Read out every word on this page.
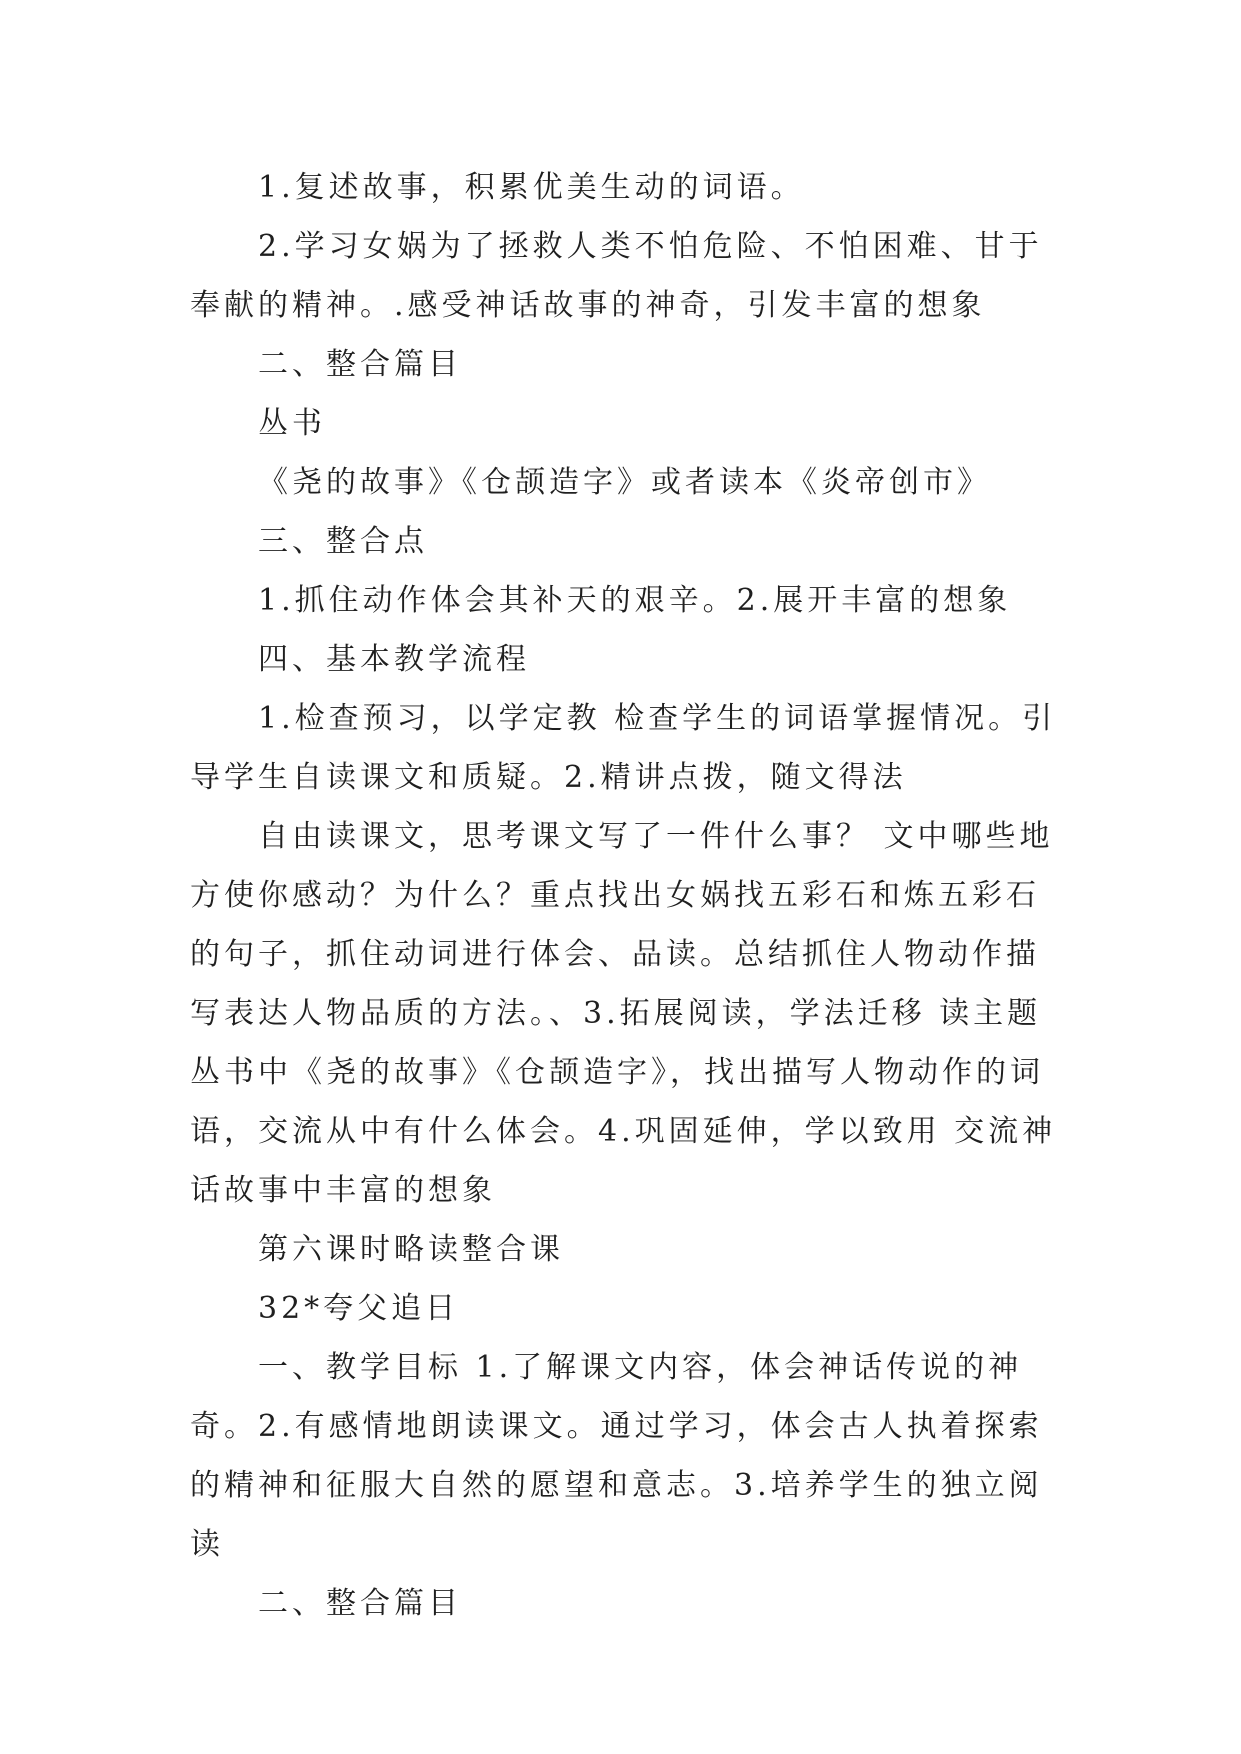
1.复述故事，积累优美生动的词语。

2.学习女娲为了拯救人类不怕危险、不怕困难、甘于奉献的精神。.感受神话故事的神奇，引发丰富的想象

二、整合篇目

丛书

《尧的故事》《仓颉造字》或者读本《炎帝创市》

三、整合点

1.抓住动作体会其补天的艰辛。2.展开丰富的想象

四、基本教学流程

1.检查预习，以学定教 检查学生的词语掌握情况。引导学生自读课文和质疑。2.精讲点拨，随文得法

自由读课文，思考课文写了一件什么事？ 文中哪些地方使你感动？为什么？重点找出女娲找五彩石和炼五彩石的句子，抓住动词进行体会、品读。总结抓住人物动作描写表达人物品质的方法。、3.拓展阅读，学法迁移 读主题丛书中《尧的故事》《仓颉造字》，找出描写人物动作的词语，交流从中有什么体会。4.巩固延伸，学以致用 交流神话故事中丰富的想象

第六课时略读整合课

32*夸父追日

一、教学目标 1.了解课文内容，体会神话传说的神奇。2.有感情地朗读课文。通过学习，体会古人执着探索的精神和征服大自然的愿望和意志。3.培养学生的独立阅读

二、整合篇目
